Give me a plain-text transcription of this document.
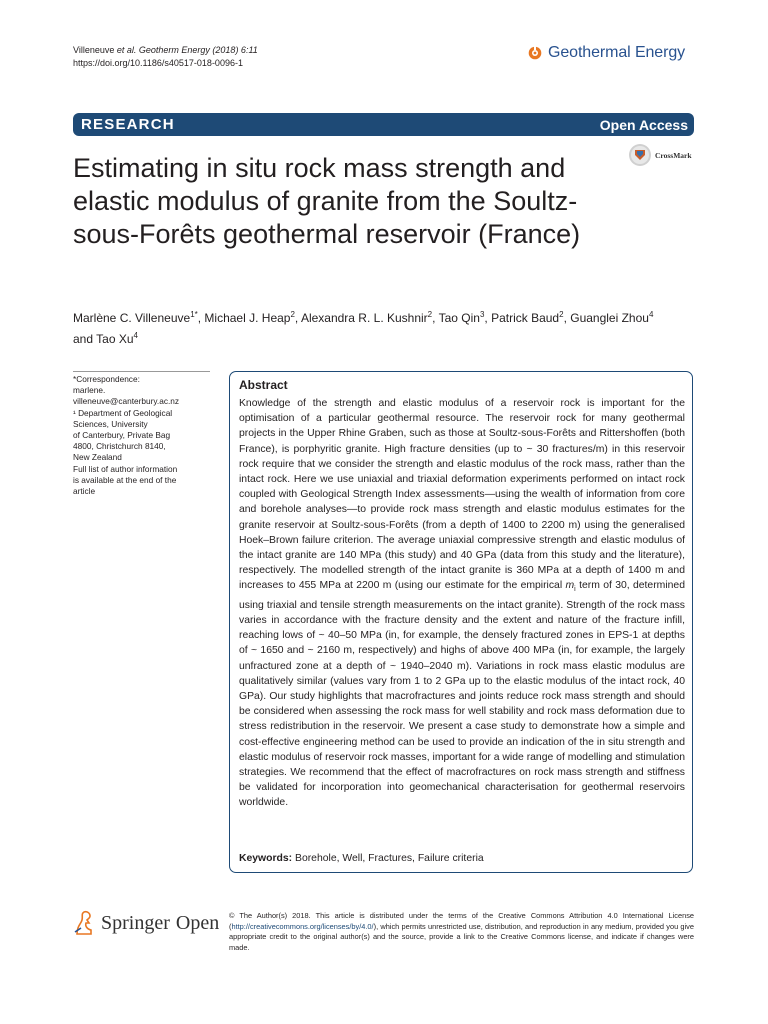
Villeneuve et al. Geotherm Energy (2018) 6:11
https://doi.org/10.1186/s40517-018-0096-1
Geothermal Energy
RESEARCH	Open Access
CrossMark
Estimating in situ rock mass strength and elastic modulus of granite from the Soultz-sous-Forêts geothermal reservoir (France)
Marlène C. Villeneuve$^{1*}$, Michael J. Heap$^2$, Alexandra R. L. Kushnir$^2$, Tao Qin$^3$, Patrick Baud$^2$, Guanglei Zhou$^4$
and Tao Xu$^4$
*Correspondence:
marlene.
villeneuve@canterbury.ac.nz
¹ Department of Geological
Sciences, University
of Canterbury, Private Bag
4800, Christchurch 8140,
New Zealand
Full list of author information
is available at the end of the
article
Abstract
Knowledge of the strength and elastic modulus of a reservoir rock is important for the optimisation of a particular geothermal resource. The reservoir rock for many geothermal projects in the Upper Rhine Graben, such as those at Soultz-sous-Forêts and Rittershoffen (both France), is porphyritic granite. High fracture densities (up to ~ 30 fractures/m) in this reservoir rock require that we consider the strength and elastic modulus of the rock mass, rather than the intact rock. Here we use uniaxial and triaxial deformation experiments performed on intact rock coupled with Geological Strength Index assessments—using the wealth of information from core and borehole analyses—to provide rock mass strength and elastic modulus estimates for the granite reservoir at Soultz-sous-Forêts (from a depth of 1400 to 2200 m) using the generalised Hoek–Brown failure criterion. The average uniaxial compressive strength and elastic modulus of the intact granite are 140 MPa (this study) and 40 GPa (data from this study and the literature), respectively. The modelled strength of the intact granite is 360 MPa at a depth of 1400 m and increases to 455 MPa at 2200 m (using our estimate for the empirical $m_i$ term of 30, determined using triaxial and tensile strength measurements on the intact granite). Strength of the rock mass varies in accordance with the fracture density and the extent and nature of the fracture infill, reaching lows of ~ 40–50 MPa (in, for example, the densely fractured zones in EPS-1 at depths of ~ 1650 and ~ 2160 m, respectively) and highs of above 400 MPa (in, for example, the largely unfractured zone at a depth of ~ 1940–2040 m). Variations in rock mass elastic modulus are qualitatively similar (values vary from 1 to 2 GPa up to the elastic modulus of the intact rock, 40 GPa). Our study highlights that macrofractures and joints reduce rock mass strength and should be considered when assessing the rock mass for well stability and rock mass deformation due to stress redistribution in the reservoir. We present a case study to demonstrate how a simple and cost-effective engineering method can be used to provide an indication of the in situ strength and elastic modulus of reservoir rock masses, important for a wide range of modelling and stimulation strategies. We recommend that the effect of macrofractures on rock mass strength and stiffness be validated for incorporation into geomechanical characterisation for geothermal reservoirs worldwide.
Keywords: Borehole, Well, Fractures, Failure criteria
Springer Open © The Author(s) 2018. This article is distributed under the terms of the Creative Commons Attribution 4.0 International License (http://creativecommons.org/licenses/by/4.0/), which permits unrestricted use, distribution, and reproduction in any medium, provided you give appropriate credit to the original author(s) and the source, provide a link to the Creative Commons license, and indicate if changes were made.
